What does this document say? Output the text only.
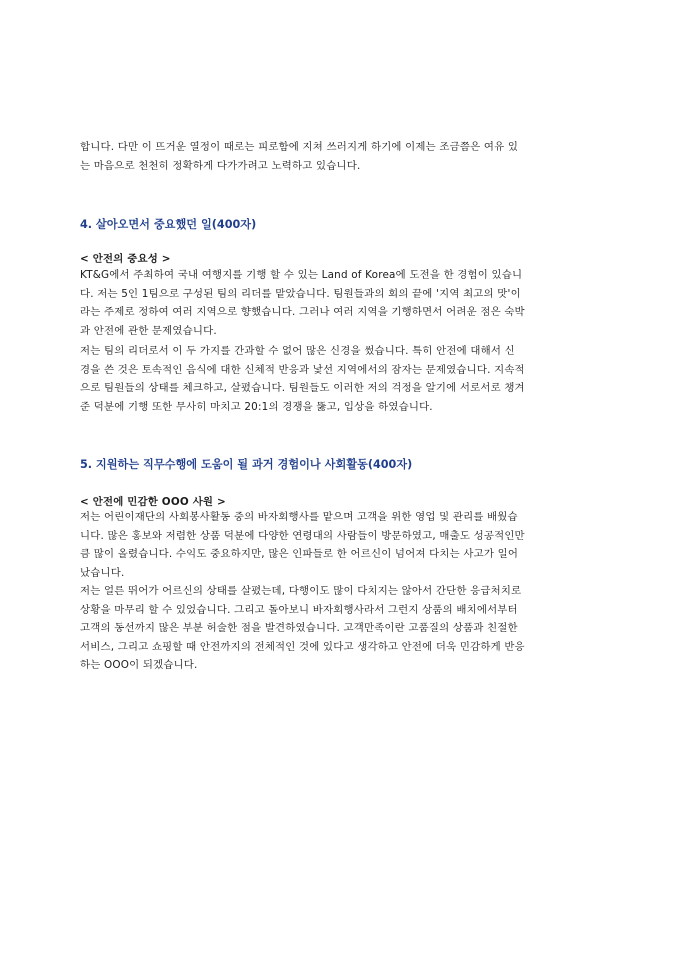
합니다. 다만 이 뜨거운 열정이 때로는 피로함에 지쳐 쓰러지게 하기에 이제는 조금쯤은 여유 있
는 마음으로 천천히 정확하게 다가가려고 노력하고 있습니다.

4. 살아오면서 중요했던 일(400자)

< 안전의 중요성 >

KT&G에서 주최하여 국내 여행지를 기행 할 수 있는 Land of Korea에 도전을 한 경험이 있습니
다. 저는 5인 1팀으로 구성된 팀의 리더를 맡았습니다. 팀원들과의 회의 끝에 '지역 최고의 맛'이
라는 주제로 정하여 여러 지역으로 향했습니다. 그러나 여러 지역을 기행하면서 어려운 점은 숙박
과 안전에 관한 문제였습니다.
저는 팀의 리더로서 이 두 가지를 간과할 수 없어 많은 신경을 썼습니다. 특히 안전에 대해서 신
경을 쓴 것은 토속적인 음식에 대한 신체적 반응과 낯선 지역에서의 잠자는 문제였습니다. 지속적
으로 팀원들의 상태를 체크하고, 살폈습니다. 팀원들도 이러한 저의 걱정을 알기에 서로서로 챙겨
준 덕분에 기행 또한 무사히 마치고 20:1의 경쟁을 뚫고, 입상을 하였습니다.

5. 지원하는 직무수행에 도움이 될 과거 경험이나 사회활동(400자)

< 안전에 민감한 OOO 사원 >

저는 어린이재단의 사회봉사활동 중의 바자회행사를 맡으며 고객을 위한 영업 및 관리를 배웠습
니다. 많은 홍보와 저렴한 상품 덕분에 다양한 연령대의 사람들이 방문하였고, 매출도 성공적인만
큼 많이 올렸습니다. 수익도 중요하지만, 많은 인파들로 한 어르신이 넘어져 다치는 사고가 일어
났습니다.
저는 얼른 뛰어가 어르신의 상태를 살폈는데, 다행이도 많이 다치지는 않아서 간단한 응급처치로
상황을 마무리 할 수 있었습니다. 그리고 돌아보니 바자회행사라서 그런지 상품의 배치에서부터
고객의 동선까지 많은 부분 허술한 점을 발견하였습니다. 고객만족이란 고품질의 상품과 친절한
서비스, 그리고 쇼핑할 때 안전까지의 전체적인 것에 있다고 생각하고 안전에 더욱 민감하게 반응
하는 OOO이 되겠습니다.
